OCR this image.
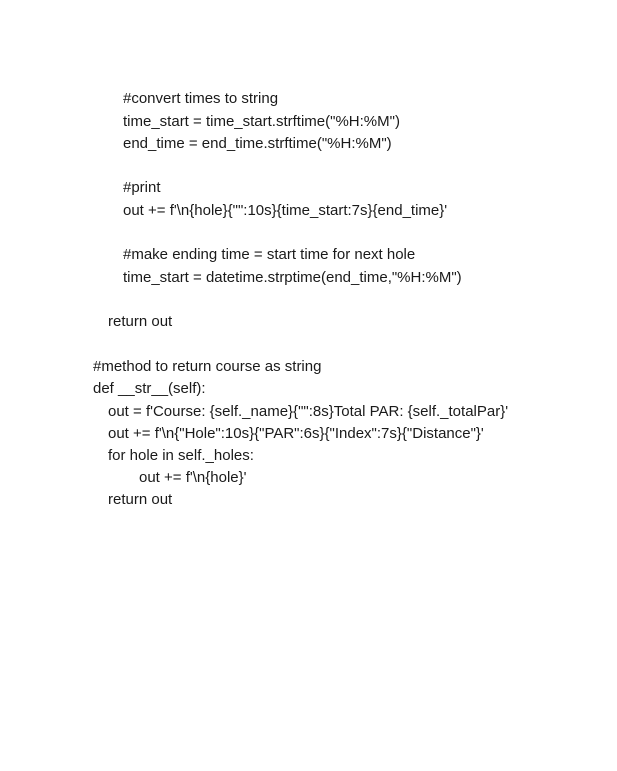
#convert times to string
time_start = time_start.strftime("%H:%M")
end_time = end_time.strftime("%H:%M")
#print
out += f'\n{hole}{"":10s}{time_start:7s}{end_time}'
#make ending time = start time for next hole
time_start = datetime.strptime(end_time,"%H:%M")
return out
#method to return course as string
def __str__(self):
out = f'Course: {self._name}{"":8s}Total PAR: {self._totalPar}'
out += f'\n{"Hole":10s}{"PAR":6s}{"Index":7s}{"Distance"}'
for hole in self._holes:
out += f'\n{hole}'
return out
